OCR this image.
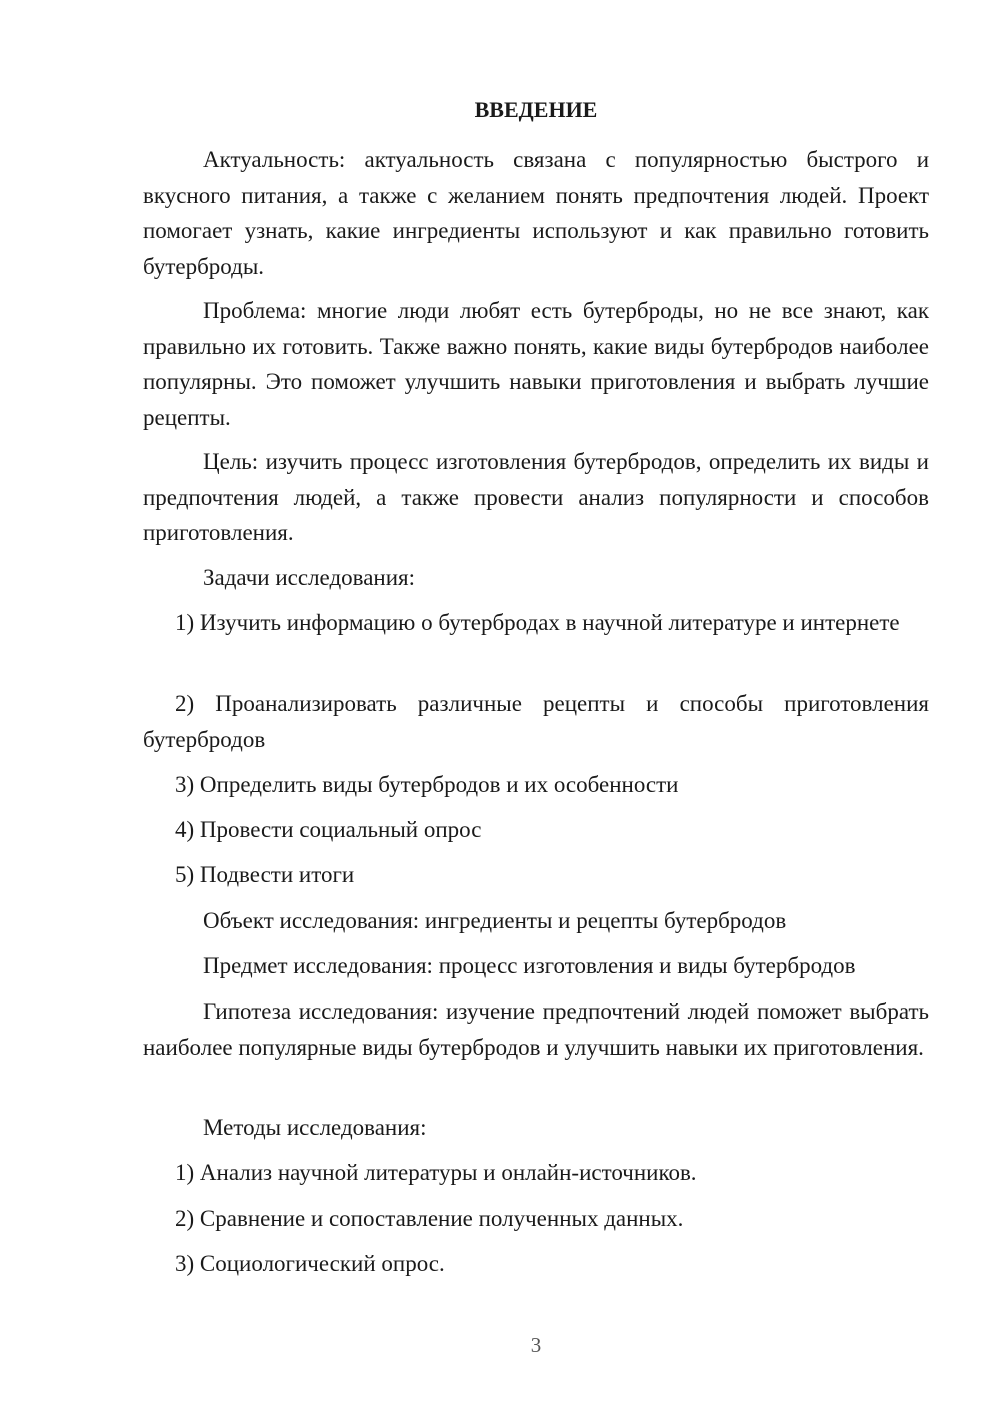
ВВЕДЕНИЕ

Актуальность: актуальность связана с популярностью быстрого и вкусного питания, а также с желанием понять предпочтения людей. Проект помогает узнать, какие ингредиенты используют и как правильно готовить бутерброды.

Проблема: многие люди любят есть бутерброды, но не все знают, как правильно их готовить. Также важно понять, какие виды бутербродов наиболее популярны. Это поможет улучшить навыки приготовления и выбрать лучшие рецепты.

Цель: изучить процесс изготовления бутербродов, определить их виды и предпочтения людей, а также провести анализ популярности и способов приготовления.

Задачи исследования:

1) Изучить информацию о бутербродах в научной литературе и интернете

2) Проанализировать различные рецепты и способы приготовления бутербродов

3) Определить виды бутербродов и их особенности

4) Провести социальный опрос

5) Подвести итоги

Объект исследования: ингредиенты и рецепты бутербродов

Предмет исследования: процесс изготовления и виды бутербродов

Гипотеза исследования: изучение предпочтений людей поможет выбрать наиболее популярные виды бутербродов и улучшить навыки их приготовления.

Методы исследования:

1) Анализ научной литературы и онлайн-источников.

2) Сравнение и сопоставление полученных данных.

3) Социологический опрос.

3
